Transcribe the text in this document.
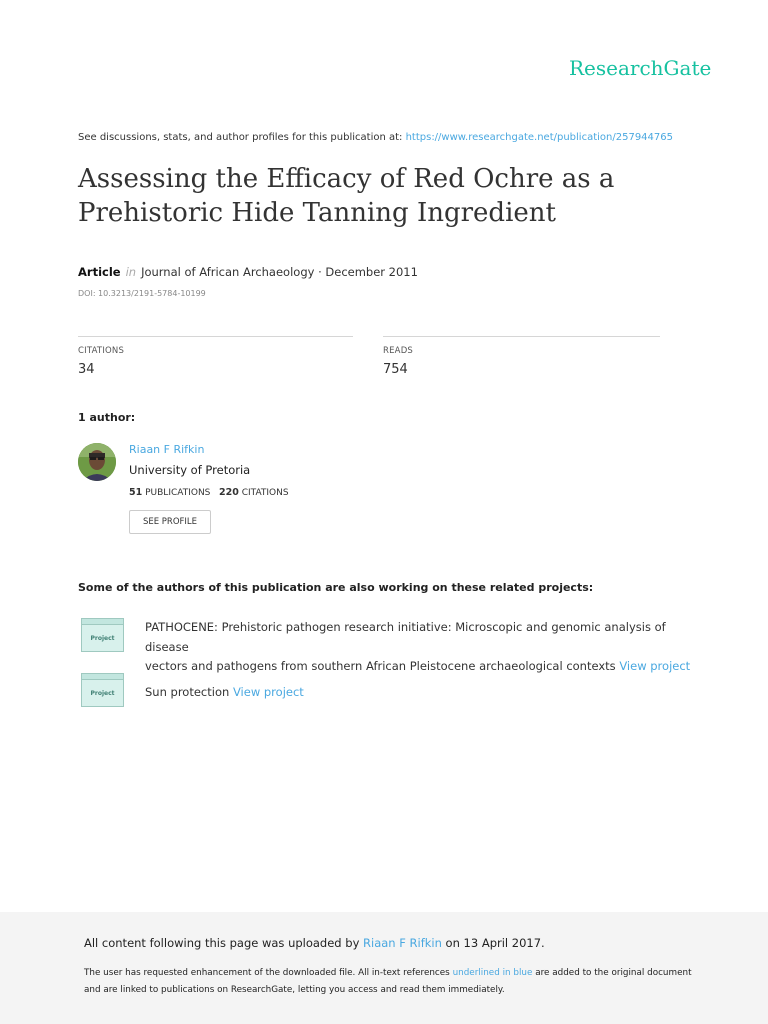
ResearchGate
See discussions, stats, and author profiles for this publication at: https://www.researchgate.net/publication/257944765
Assessing the Efficacy of Red Ochre as a Prehistoric Hide Tanning Ingredient
Article in Journal of African Archaeology · December 2011
DOI: 10.3213/2191-5784-10199
CITATIONS
34
READS
754
1 author:
Riaan F Rifkin
University of Pretoria
51 PUBLICATIONS 220 CITATIONS
SEE PROFILE
Some of the authors of this publication are also working on these related projects:
Project
PATHOCENE: Prehistoric pathogen research initiative: Microscopic and genomic analysis of disease
vectors and pathogens from southern African Pleistocene archaeological contexts View project
Project	Sun protection View project
All content following this page was uploaded by Riaan F Rifkin on 13 April 2017.
The user has requested enhancement of the downloaded file. All in-text references underlined in blue are added to the original document and are linked to publications on ResearchGate, letting you access and read them immediately.
